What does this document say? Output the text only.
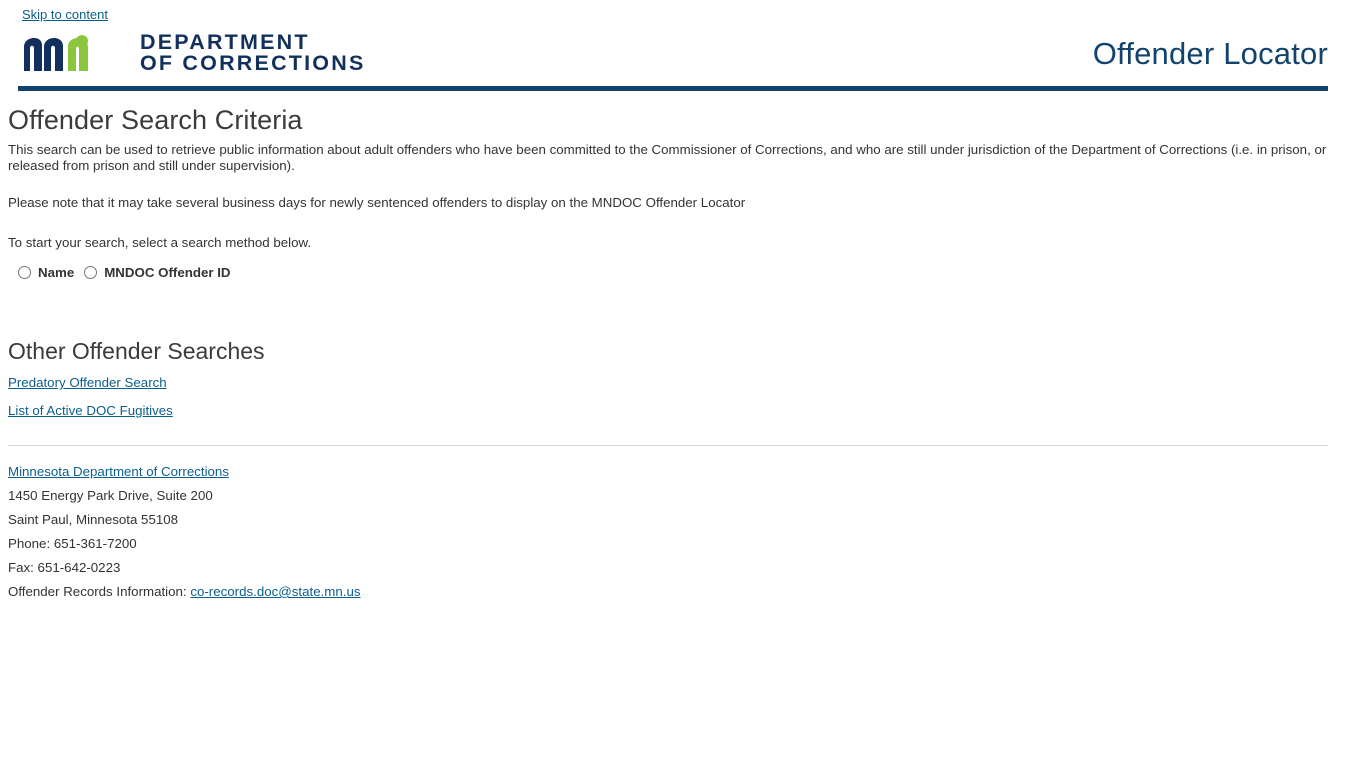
Skip to content
DEPARTMENT
OF CORRECTIONS	Offender Locator
Offender Search Criteria

This search can be used to retrieve public information about adult offenders who have been committed to the Commissioner of Corrections, and who are still under jurisdiction of the Department of Corrections (i.e. in prison, or released from prison and still under supervision).

Please note that it may take several business days for newly sentenced offenders to display on the MNDOC Offender Locator

To start your search, select a search method below.

Name MNDOC Offender ID
Other Offender Searches
Predatory Offender Search
List of Active DOC Fugitives
Minnesota Department of Corrections
1450 Energy Park Drive, Suite 200
Saint Paul, Minnesota 55108
Phone: 651-361-7200
Fax: 651-642-0223
Offender Records Information: co-records.doc@state.mn.us
